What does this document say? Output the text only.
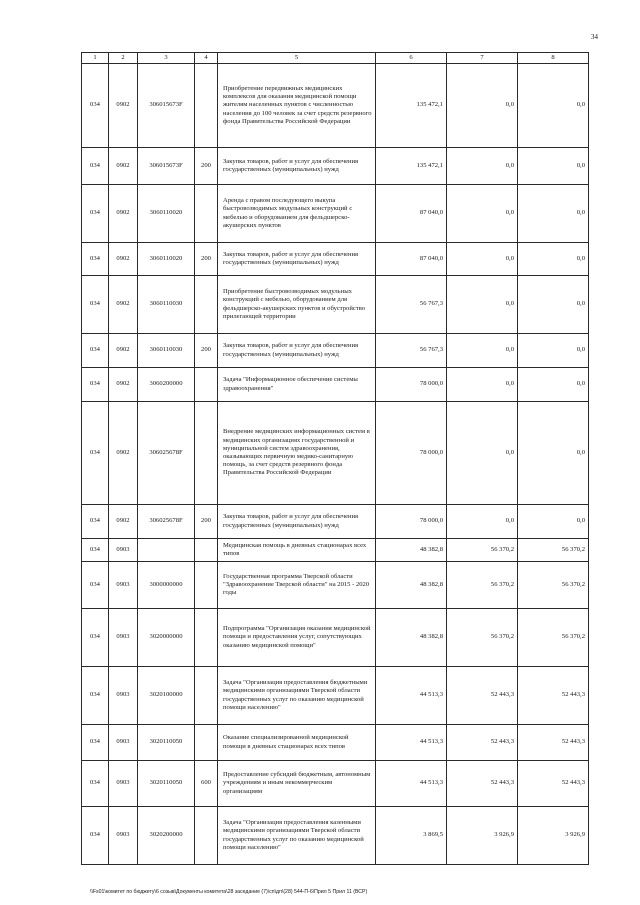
34
1	2	3	4	5	6	7	8
034	0902	306015673F		Приобретение передвижных медицинских комплексов для оказания медицинской помощи жителям населенных пунктов с численностью населения до 100 человек за счет средств резервного фонда Правительства Российской Федерации	135 472,1	0,0	0,0
034	0902	306015673F	200	Закупка товаров, работ и услуг для обеспечения государственных (муниципальных) нужд	135 472,1	0,0	0,0
034	0902	3060110020		Аренда с правом последующего выкупа быстровозводимых модульных конструкций с мебелью и оборудованием для фельдшерско-акушерских пунктов	87 040,0	0,0	0,0
034	0902	3060110020	200	Закупка товаров, работ и услуг для обеспечения государственных (муниципальных) нужд	87 040,0	0,0	0,0
034	0902	3060110030		Приобретение быстровозводимых модульных конструкций с мебелью, оборудованием для фельдшерско-акушерских пунктов и обустройство прилегающей территории	56 767,3	0,0	0,0
034	0902	3060110030	200	Закупка товаров, работ и услуг для обеспечения государственных (муниципальных) нужд	56 767,3	0,0	0,0
034	0902	3060200000		Задача "Информационное обеспечение системы здравоохранения"	78 000,0	0,0	0,0
034	0902	306025678F		Внедрение медицинских информационных систем в медицинских организациях государственной и муниципальной систем здравоохранения, оказывающих первичную медико-санитарную помощь, за счет средств резервного фонда Правительства Российской Федерации	78 000,0	0,0	0,0
034	0902	306025678F	200	Закупка товаров, работ и услуг для обеспечения государственных (муниципальных) нужд	78 000,0	0,0	0,0
034	0903			Медицинская помощь в дневных стационарах всех типов	48 382,8	56 370,2	56 370,2
034	0903	3000000000		Государственная программа Тверской области "Здравоохранение Тверской области" на 2015 - 2020 годы	48 382,8	56 370,2	56 370,2
034	0903	3020000000		Подпрограмма "Организация оказания медицинской помощи и предоставления услуг, сопутствующих оказанию медицинской помощи"	48 382,8	56 370,2	56 370,2
034	0903	3020100000		Задача "Организация предоставления бюджетными медицинскими организациями Тверской области государственных услуг по оказанию медицинской помощи населению"	44 513,3	52 443,3	52 443,3
034	0903	3020110050		Оказание специализированной медицинской помощи в дневных стационарах всех типов	44 513,3	52 443,3	52 443,3
034	0903	3020110050	600	Предоставление субсидий бюджетным, автономным учреждениям и иным некоммерческим организациям	44 513,3	52 443,3	52 443,3
034	0903	3020200000		Задача "Организация предоставления казенными медицинскими организациями Тверской области государственных услуг по оказанию медицинской помощи населению"	3 869,5	3 926,9	3 926,9
\\Fs01\комитет по бюджету\6 созыв\Документы комитета\28 заседание (7)\сп\дп\(28) 544-П-6\Прил 5 Прил 11 (ВСР)
